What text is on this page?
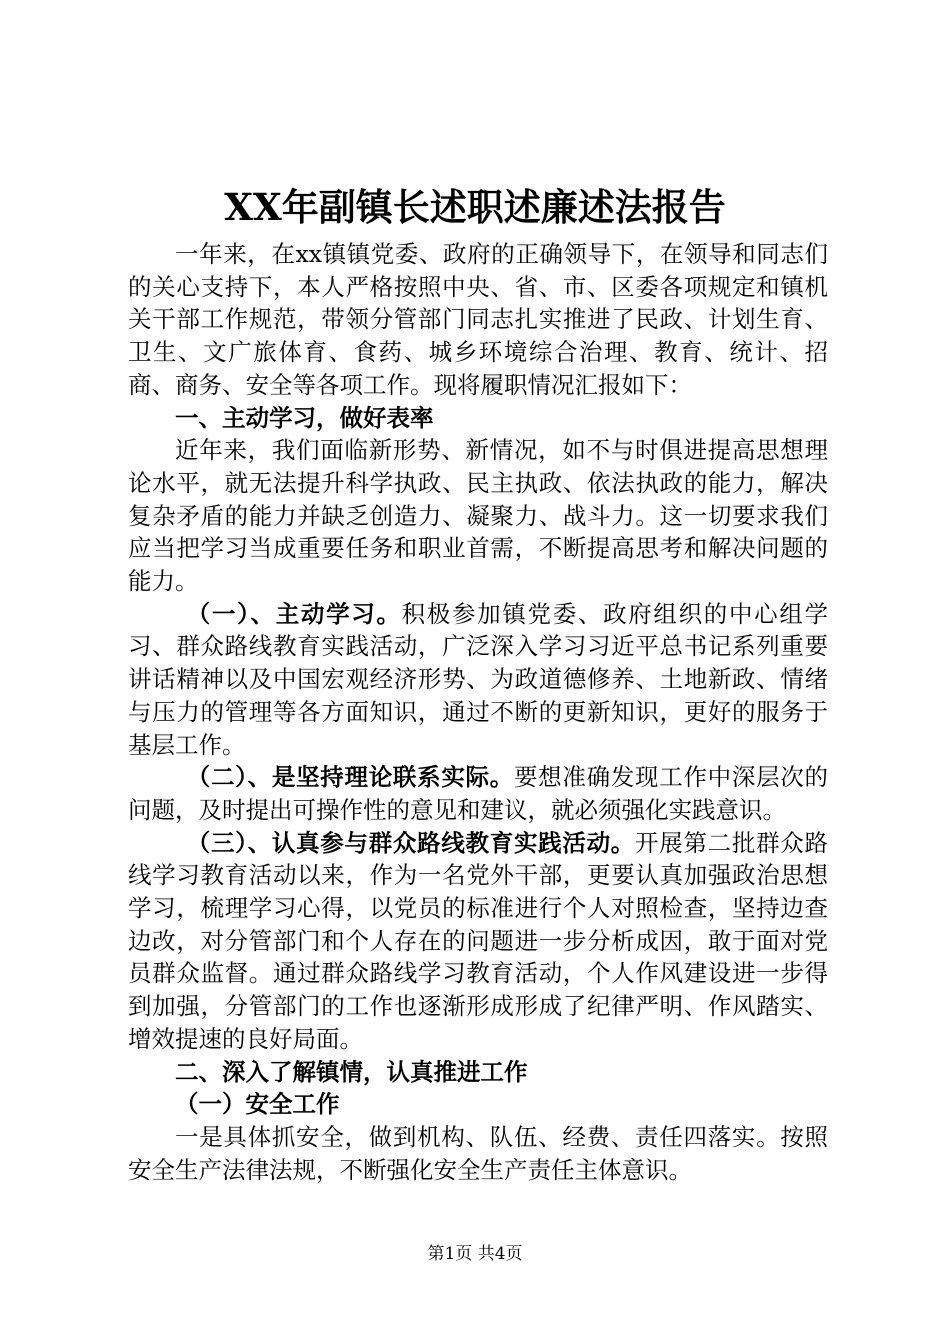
XX年副镇长述职述廉述法报告

一年来，在xx镇镇党委、政府的正确领导下，在领导和同志们的关心支持下，本人严格按照中央、省、市、区委各项规定和镇机关干部工作规范，带领分管部门同志扎实推进了民政、计划生育、卫生、文广旅体育、食药、城乡环境综合治理、教育、统计、招商、商务、安全等各项工作。现将履职情况汇报如下：

一、主动学习，做好表率

近年来，我们面临新形势、新情况，如不与时俱进提高思想理论水平，就无法提升科学执政、民主执政、依法执政的能力，解决复杂矛盾的能力并缺乏创造力、凝聚力、战斗力。这一切要求我们应当把学习当成重要任务和职业首需，不断提高思考和解决问题的能力。

（一）、主动学习。积极参加镇党委、政府组织的中心组学习、群众路线教育实践活动，广泛深入学习习近平总书记系列重要讲话精神以及中国宏观经济形势、为政道德修养、土地新政、情绪与压力的管理等各方面知识，通过不断的更新知识，更好的服务于基层工作。

（二）、是坚持理论联系实际。要想准确发现工作中深层次的问题，及时提出可操作性的意见和建议，就必须强化实践意识。

（三）、认真参与群众路线教育实践活动。开展第二批群众路线学习教育活动以来，作为一名党外干部，更要认真加强政治思想学习，梳理学习心得，以党员的标准进行个人对照检查，坚持边查边改，对分管部门和个人存在的问题进一步分析成因，敢于面对党员群众监督。通过群众路线学习教育活动，个人作风建设进一步得到加强，分管部门的工作也逐渐形成形成了纪律严明、作风踏实、增效提速的良好局面。

二、深入了解镇情，认真推进工作

（一）安全工作

一是具体抓安全，做到机构、队伍、经费、责任四落实。按照安全生产法律法规，不断强化安全生产责任主体意识。

第1页 共4页
